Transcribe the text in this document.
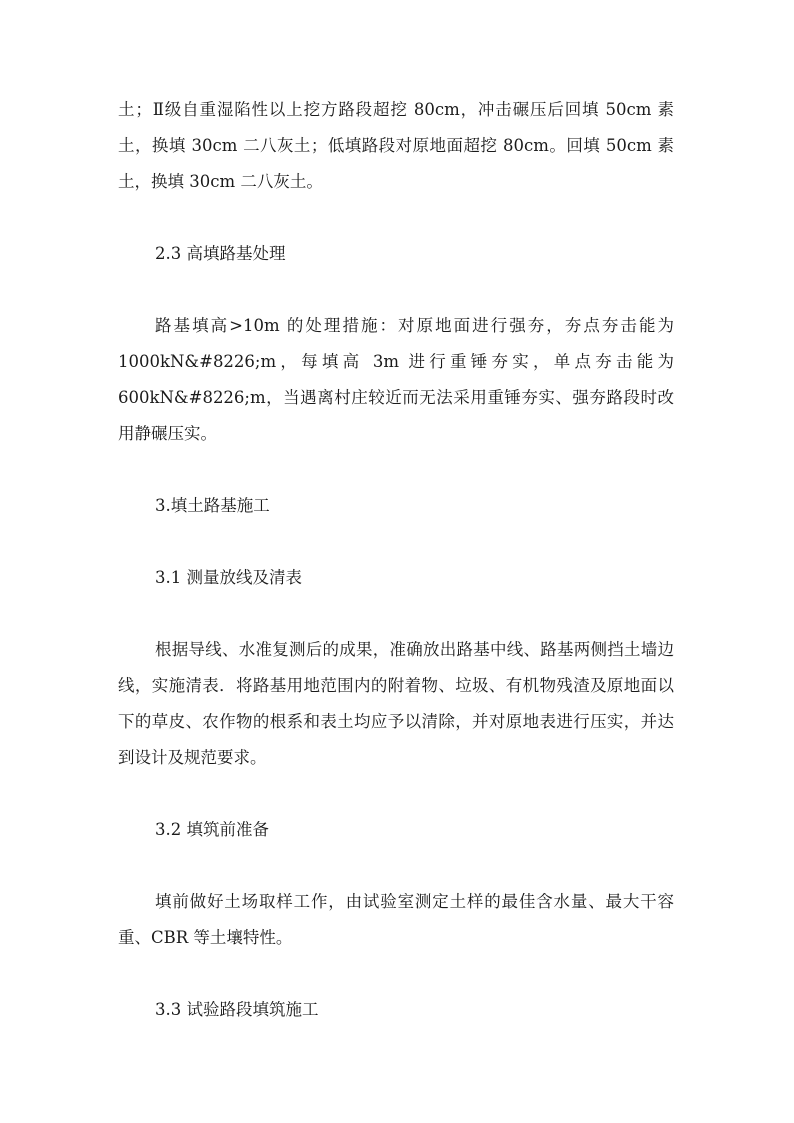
土；Ⅱ级自重湿陷性以上挖方路段超挖 80cm，冲击碾压后回填 50cm 素土，换填 30cm 二八灰土；低填路段对原地面超挖 80cm。回填 50cm 素土，换填 30cm 二八灰土。

2.3 高填路基处理

路基填高>10m 的处理措施：对原地面进行强夯，夯点夯击能为 1000kN&#8226;m，每填高 3m 进行重锤夯实，单点夯击能为 600kN&#8226;m，当遇离村庄较近而无法采用重锤夯实、强夯路段时改用静碾压实。

3.填土路基施工

3.1 测量放线及清表

根据导线、水准复测后的成果，准确放出路基中线、路基两侧挡土墙边线，实施清表．将路基用地范围内的附着物、垃圾、有机物残渣及原地面以下的草皮、农作物的根系和表土均应予以清除，并对原地表进行压实，并达到设计及规范要求。

3.2 填筑前准备

填前做好土场取样工作，由试验室测定土样的最佳含水量、最大干容重、CBR 等土壤特性。

3.3 试验路段填筑施工
